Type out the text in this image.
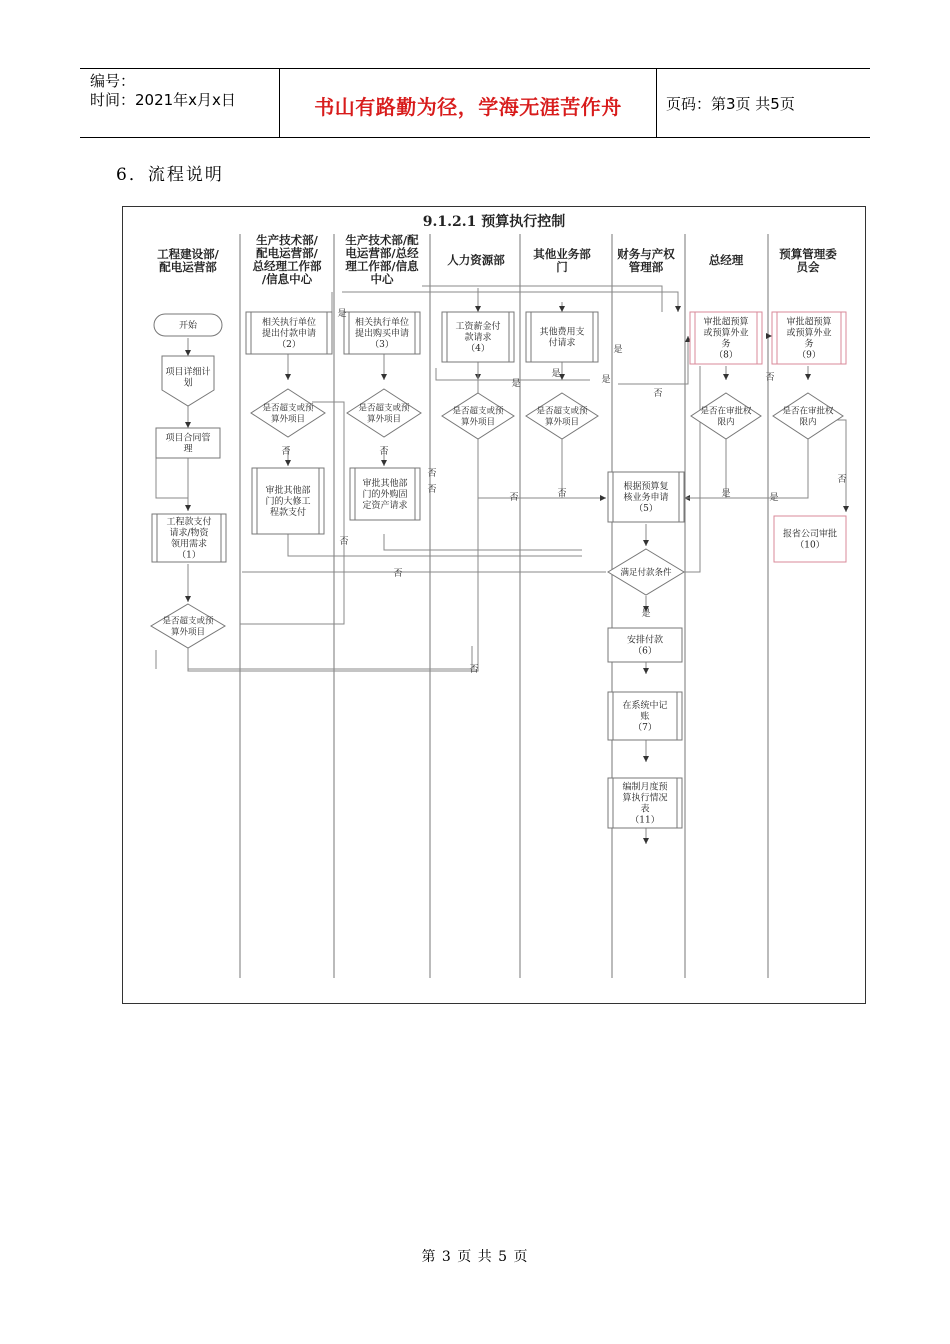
编号：
时间：2021年x月x日	书山有路勤为径，学海无涯苦作舟	页码：第3页 共5页
6．流程说明
9.1.2.1 预算执行控制
工程建设部/
配电运营部
生产技术部/
配电运营部/
总经理工作部
/信息中心
生产技术部/配
电运营部/总经
理工作部/信息
中心
人力资源部 其他业务部
门
财务与产权
管理部	总经理	预算管理委
员会
开始
项目详细计
划
项目合同管
理
工程款支付
请求/物资
领用需求
（1）
是否超支或预
算外项目
相关执行单位
提出付款申请
（2）
是否超支或预
算外项目
审批其他部
门的大修工
程款支付
相关执行单位
提出购买申请
（3）
是否超支或预
算外项目
审批其他部
门的外购固
定资产请求
工资薪金付
款请求
（4）
是否超支或预
算外项目
其他费用支
付请求
是否超支或预
算外项目
根据预算复
核业务申请
（5）
满足付款条件
安排付款
（6）
在系统中记
账
（7）
编制月度预
算执行情况
表
（11）
审批超预算
或预算外业
务
（8）
是否在审批权
限内
审批超预算
或预算外业
务
（9）
是否在审批权
限内
报省公司审批
（10）
是
否	否
否
否
否
否
否	否
否
是
是
是
是
否
否
是	是
否
是
第 3 页 共 5 页
